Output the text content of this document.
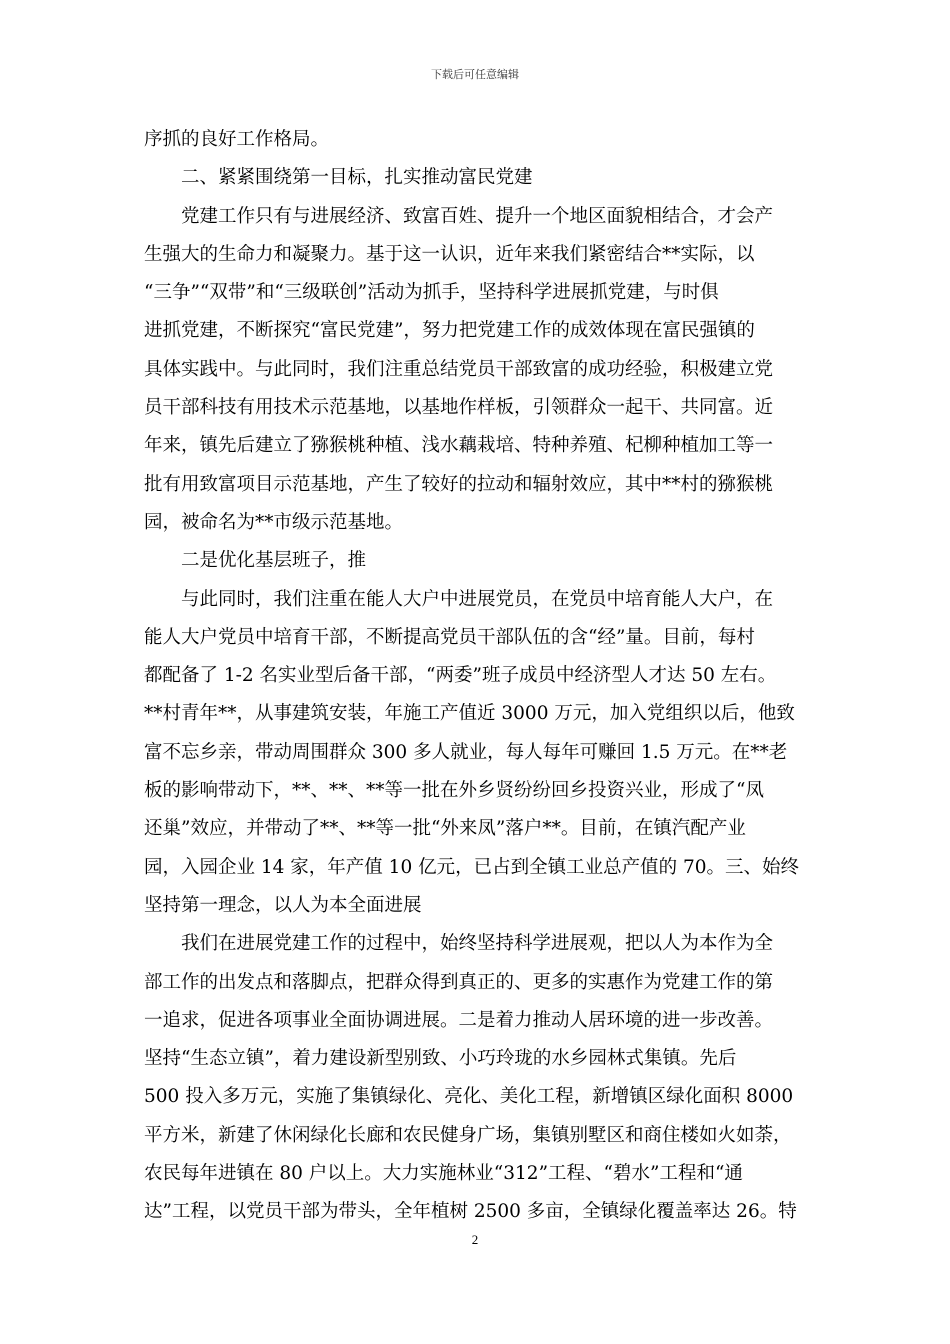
下载后可任意编辑
序抓的良好工作格局。
二、紧紧围绕第一目标，扎实推动富民党建
党建工作只有与进展经济、致富百姓、提升一个地区面貌相结合，才会产
生强大的生命力和凝聚力。基于这一认识，近年来我们紧密结合**实际，以
“三争”“双带”和“三级联创”活动为抓手，坚持科学进展抓党建，与时俱
进抓党建，不断探究“富民党建”，努力把党建工作的成效体现在富民强镇的
具体实践中。与此同时，我们注重总结党员干部致富的成功经验，积极建立党
员干部科技有用技术示范基地，以基地作样板，引领群众一起干、共同富。近
年来，镇先后建立了猕猴桃种植、浅水藕栽培、特种养殖、杞柳种植加工等一
批有用致富项目示范基地，产生了较好的拉动和辐射效应，其中**村的猕猴桃
园，被命名为**市级示范基地。
二是优化基层班子，推
与此同时，我们注重在能人大户中进展党员，在党员中培育能人大户，在
能人大户党员中培育干部，不断提高党员干部队伍的含“经”量。目前，每村
都配备了 1-2 名实业型后备干部，“两委”班子成员中经济型人才达 50 左右。
**村青年**，从事建筑安装，年施工产值近 3000 万元，加入党组织以后，他致
富不忘乡亲，带动周围群众 300 多人就业，每人每年可赚回 1.5 万元。在**老
板的影响带动下，**、**、**等一批在外乡贤纷纷回乡投资兴业，形成了“凤
还巢”效应，并带动了**、**等一批“外来凤”落户**。目前，在镇汽配产业
园，入园企业 14 家，年产值 10 亿元，已占到全镇工业总产值的 70。三、始终
坚持第一理念，以人为本全面进展
我们在进展党建工作的过程中，始终坚持科学进展观，把以人为本作为全
部工作的出发点和落脚点，把群众得到真正的、更多的实惠作为党建工作的第
一追求，促进各项事业全面协调进展。二是着力推动人居环境的进一步改善。
坚持“生态立镇”，着力建设新型别致、小巧玲珑的水乡园林式集镇。先后
500 投入多万元，实施了集镇绿化、亮化、美化工程，新增镇区绿化面积 8000
平方米，新建了休闲绿化长廊和农民健身广场，集镇别墅区和商住楼如火如荼，
农民每年进镇在 80 户以上。大力实施林业“312”工程、“碧水”工程和“通
达”工程，以党员干部为带头，全年植树 2500 多亩，全镇绿化覆盖率达 26。特
2
